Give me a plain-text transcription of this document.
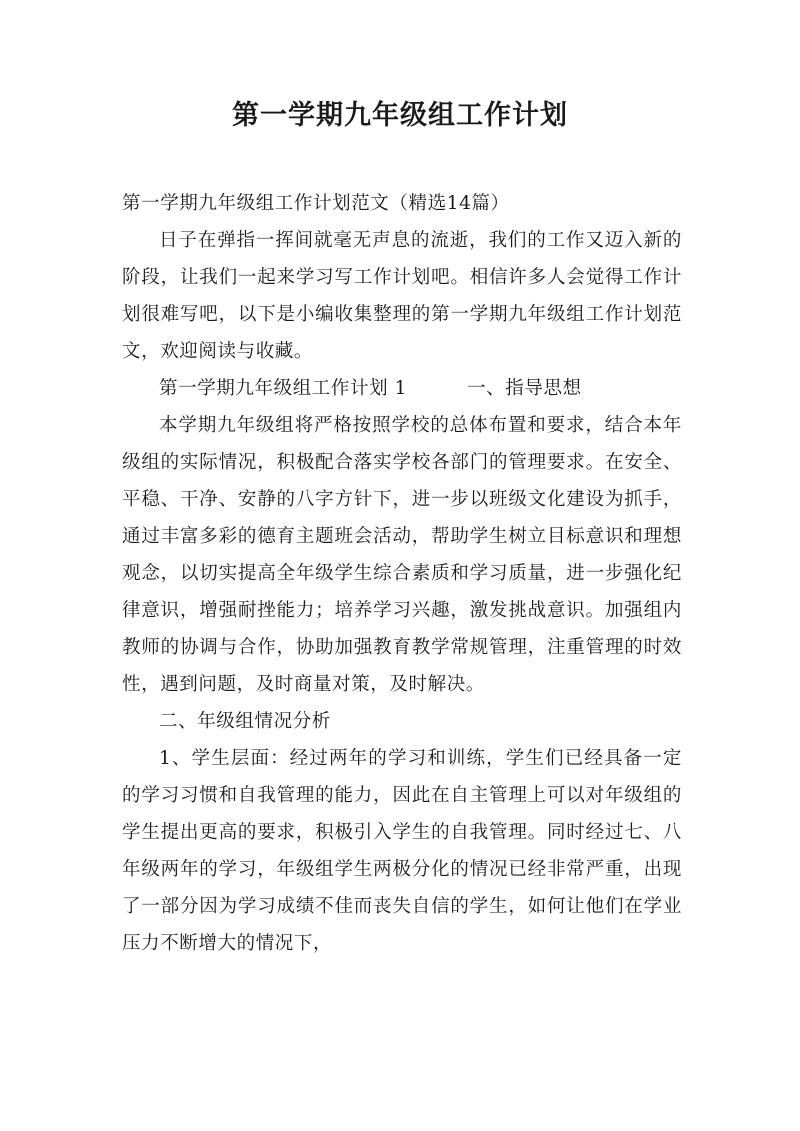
第一学期九年级组工作计划

第一学期九年级组工作计划范文（精选14篇）

日子在弹指一挥间就毫无声息的流逝，我们的工作又迈入新的阶段，让我们一起来学习写工作计划吧。相信许多人会觉得工作计划很难写吧，以下是小编收集整理的第一学期九年级组工作计划范文，欢迎阅读与收藏。

第一学期九年级组工作计划 1	一、指导思想

本学期九年级组将严格按照学校的总体布置和要求，结合本年级组的实际情况，积极配合落实学校各部门的管理要求。在安全、平稳、干净、安静的八字方针下，进一步以班级文化建设为抓手，通过丰富多彩的德育主题班会活动，帮助学生树立目标意识和理想观念，以切实提高全年级学生综合素质和学习质量，进一步强化纪律意识，增强耐挫能力；培养学习兴趣，激发挑战意识。加强组内教师的协调与合作，协助加强教育教学常规管理，注重管理的时效性，遇到问题，及时商量对策，及时解决。

二、年级组情况分析

1、学生层面：经过两年的学习和训练，学生们已经具备一定的学习习惯和自我管理的能力，因此在自主管理上可以对年级组的学生提出更高的要求，积极引入学生的自我管理。同时经过七、八年级两年的学习，年级组学生两极分化的情况已经非常严重，出现了一部分因为学习成绩不佳而丧失自信的学生，如何让他们在学业压力不断增大的情况下，
